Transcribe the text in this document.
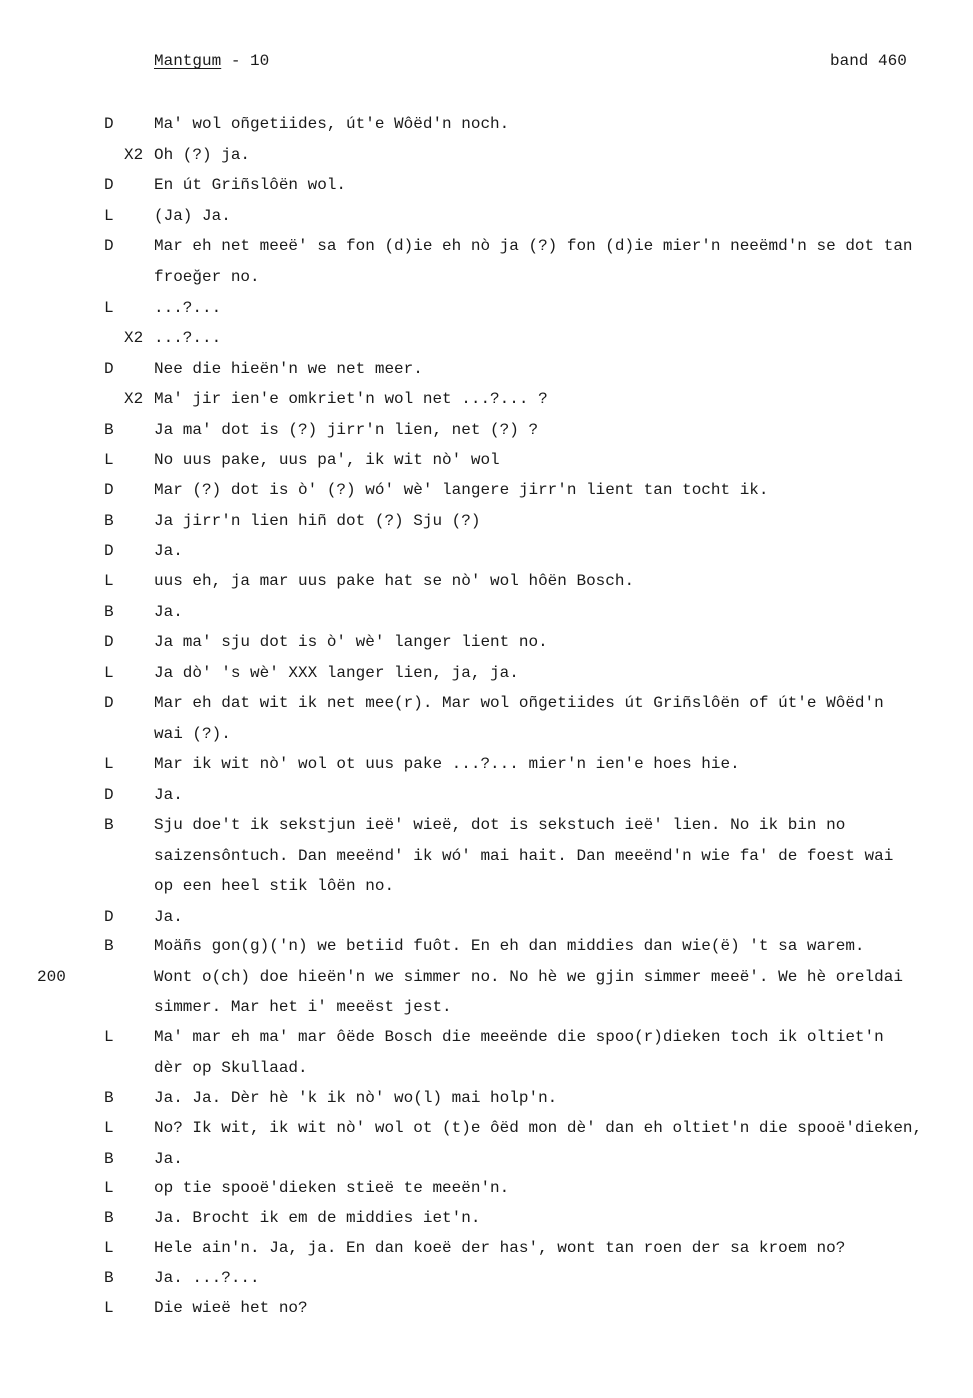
Mantgum - 10	band 460
D	Ma' wol oñgetiides, út'e Wôëd'n noch.
X2 Oh (?) ja.
D	En út Griñslôën wol.
L	(Ja) Ja.
D	Mar eh net meeë' sa fon (d)ie eh nò ja (?) fon (d)ie mier'n neeëmd'n se dot tan
froeğer no.
L	...?...
X2 ...?...
D	Nee die hieën'n we net meer.
X2 Ma' jir ien'e omkriet'n wol net ...?... ?
B	Ja ma' dot is (?) jirr'n lien, net (?) ?
L	No uus pake, uus pa', ik wit nò' wol
D	Mar (?) dot is ò' (?) wó' wè' langere jirr'n lient tan tocht ik.
B	Ja jirr'n lien hiñ dot (?) Sju (?)
D	Ja.
L	uus eh, ja mar uus pake hat se nò' wol hôën Bosch.
B	Ja.
D	Ja ma' sju dot is ò' wè' langer lient no.
L	Ja dò' 's wè' XXX langer lien, ja, ja.
D	Mar eh dat wit ik net mee(r). Mar wol oñgetiides út Griñslôën of út'e Wôëd'n
wai (?).
L	Mar ik wit nò' wol ot uus pake ...?... mier'n ien'e hoes hie.
D	Ja.
B	Sju doe't ik sekstjun ieë' wieë, dot is sekstuch ieë' lien. No ik bin no
saizensôntuch. Dan meeënd' ik wó' mai hait. Dan meeënd'n wie fa' de foest wai
op een heel stik lôën no.
D	Ja.
B	Moäñs gon(g)('n) we betiid fuôt. En eh dan middies dan wie(ë) 't sa warem.
200	Wont o(ch) doe hieën'n we simmer no. No hè we gjin simmer meeë'. We hè oreldai
simmer. Mar het i' meeëst jest.
L	Ma' mar eh ma' mar ôëde Bosch die meeënde die spoo(r)dieken toch ik oltiet'n
dèr op Skullaad.
B	Ja. Ja. Dèr hè 'k ik nò' wo(l) mai holp'n.
L	No? Ik wit, ik wit nò' wol ot (t)e ôëd mon dè' dan eh oltiet'n die spooë'dieken,
B	Ja.
L	op tie spooë'dieken stieë te meeën'n.
B	Ja. Brocht ik em de middies iet'n.
L	Hele ain'n. Ja, ja. En dan koeë der has', wont tan roen der sa kroem no?
B	Ja. ...?...
L	Die wieë het no?
